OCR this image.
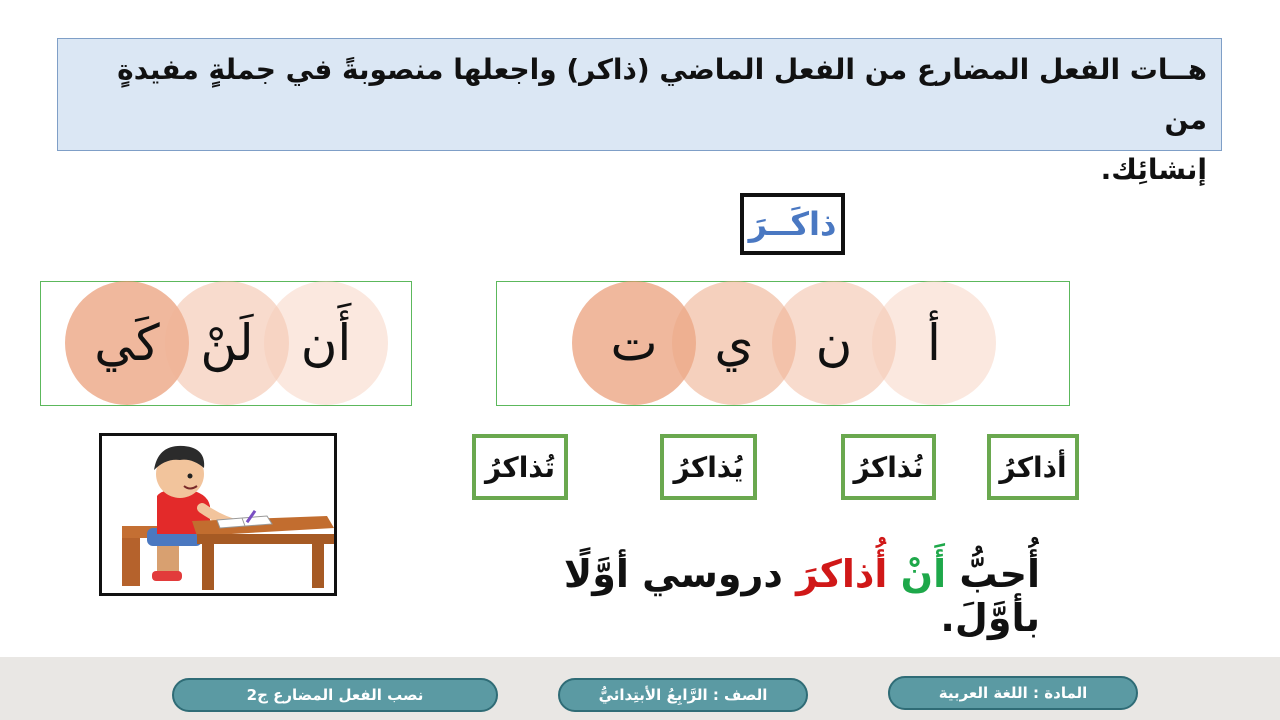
هــات الفعل المضارع من الفعل الماضي (ذاكر) واجعلها منصوبةً في جملةٍ مفيدةٍ من
إنشائِك.
ذاكَــرَ
ت ي ن أ
كَي لَنْ أَن
أذاكرُ
نُذاكرُ
يُذاكرُ
تُذاكرُ
أُحبُّ أَنْ أُذاكرَ دروسي أوَّلًا بأوَّلَ.
المادة : اللغة العربية
الصف : الرَّابِعُ الأبتِدائيُّ
نصب الفعل المضارع ج2
